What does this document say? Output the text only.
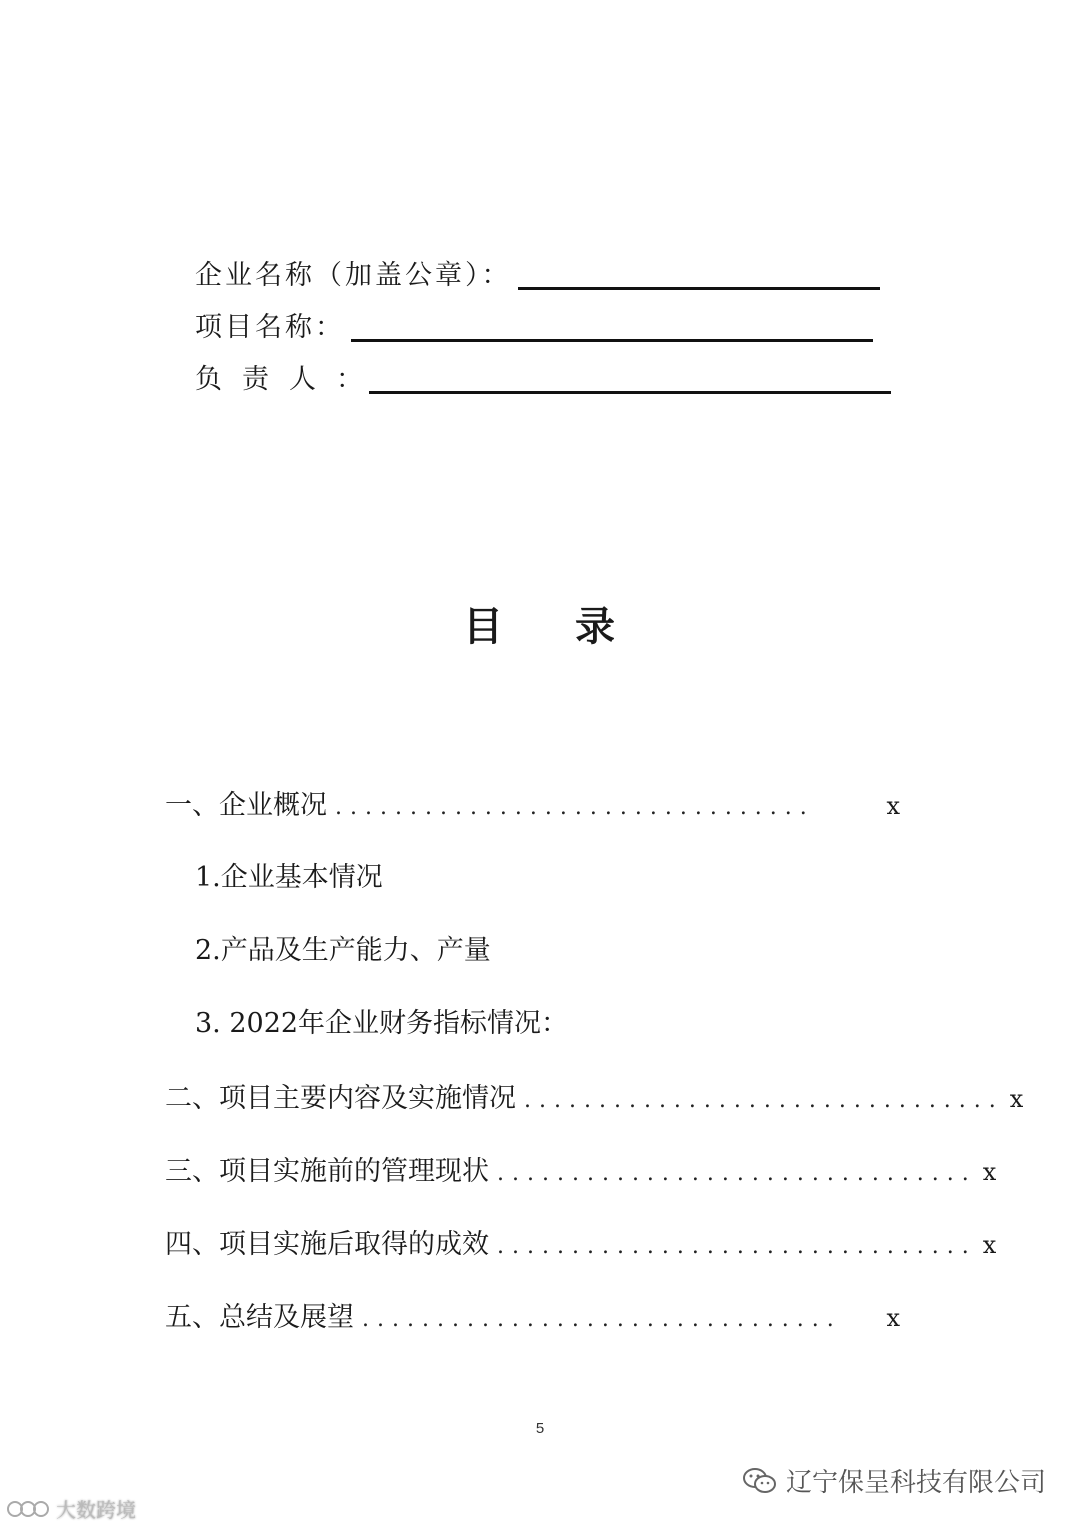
企业名称（加盖公章）：
项目名称：
负责人：
目 录
一、企业概况 ................................	x
1.企业基本情况
2.产品及生产能力、产量
3. 2022年企业财务指标情况：
二、项目主要内容及实施情况 ................................ x
三、项目实施前的管理现状 ................................ x
四、项目实施后取得的成效 ................................ x
五、总结及展望 ................................	x
5
辽宁保呈科技有限公司
大数跨境
